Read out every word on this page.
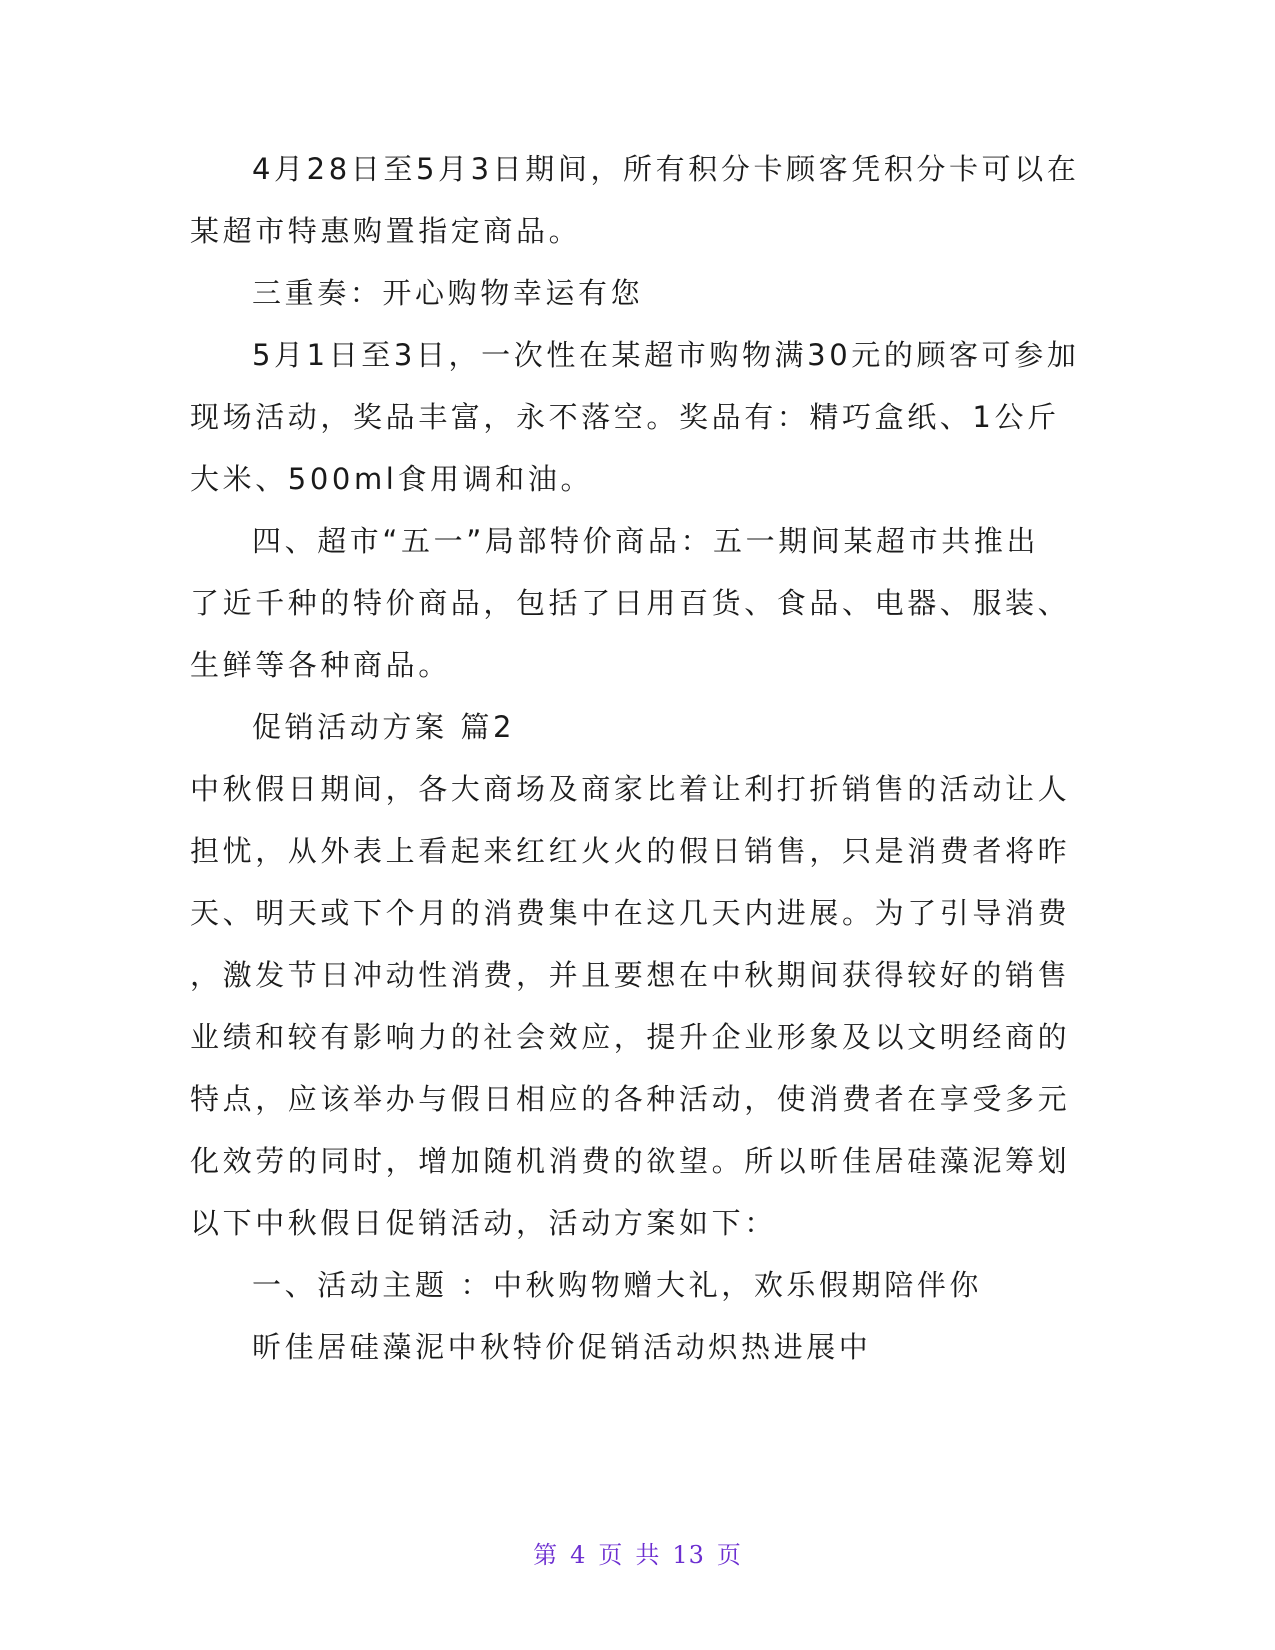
4月28日至5月3日期间，所有积分卡顾客凭积分卡可以在

某超市特惠购置指定商品。

三重奏：开心购物幸运有您

5月1日至3日，一次性在某超市购物满30元的顾客可参加

现场活动，奖品丰富，永不落空。奖品有：精巧盒纸、1公斤

大米、500ml食用调和油。

四、超市“五一”局部特价商品：五一期间某超市共推出

了近千种的特价商品，包括了日用百货、食品、电器、服装、

生鲜等各种商品。

促销活动方案 篇2

中秋假日期间，各大商场及商家比着让利打折销售的活动让人

担忧，从外表上看起来红红火火的假日销售，只是消费者将昨

天、明天或下个月的消费集中在这几天内进展。为了引导消费

，激发节日冲动性消费，并且要想在中秋期间获得较好的销售

业绩和较有影响力的社会效应，提升企业形象及以文明经商的

特点，应该举办与假日相应的各种活动，使消费者在享受多元

化效劳的同时，增加随机消费的欲望。所以昕佳居硅藻泥筹划

以下中秋假日促销活动，活动方案如下：

一、活动主题 ：中秋购物赠大礼，欢乐假期陪伴你

昕佳居硅藻泥中秋特价促销活动炽热进展中

第 4 页 共 13 页
